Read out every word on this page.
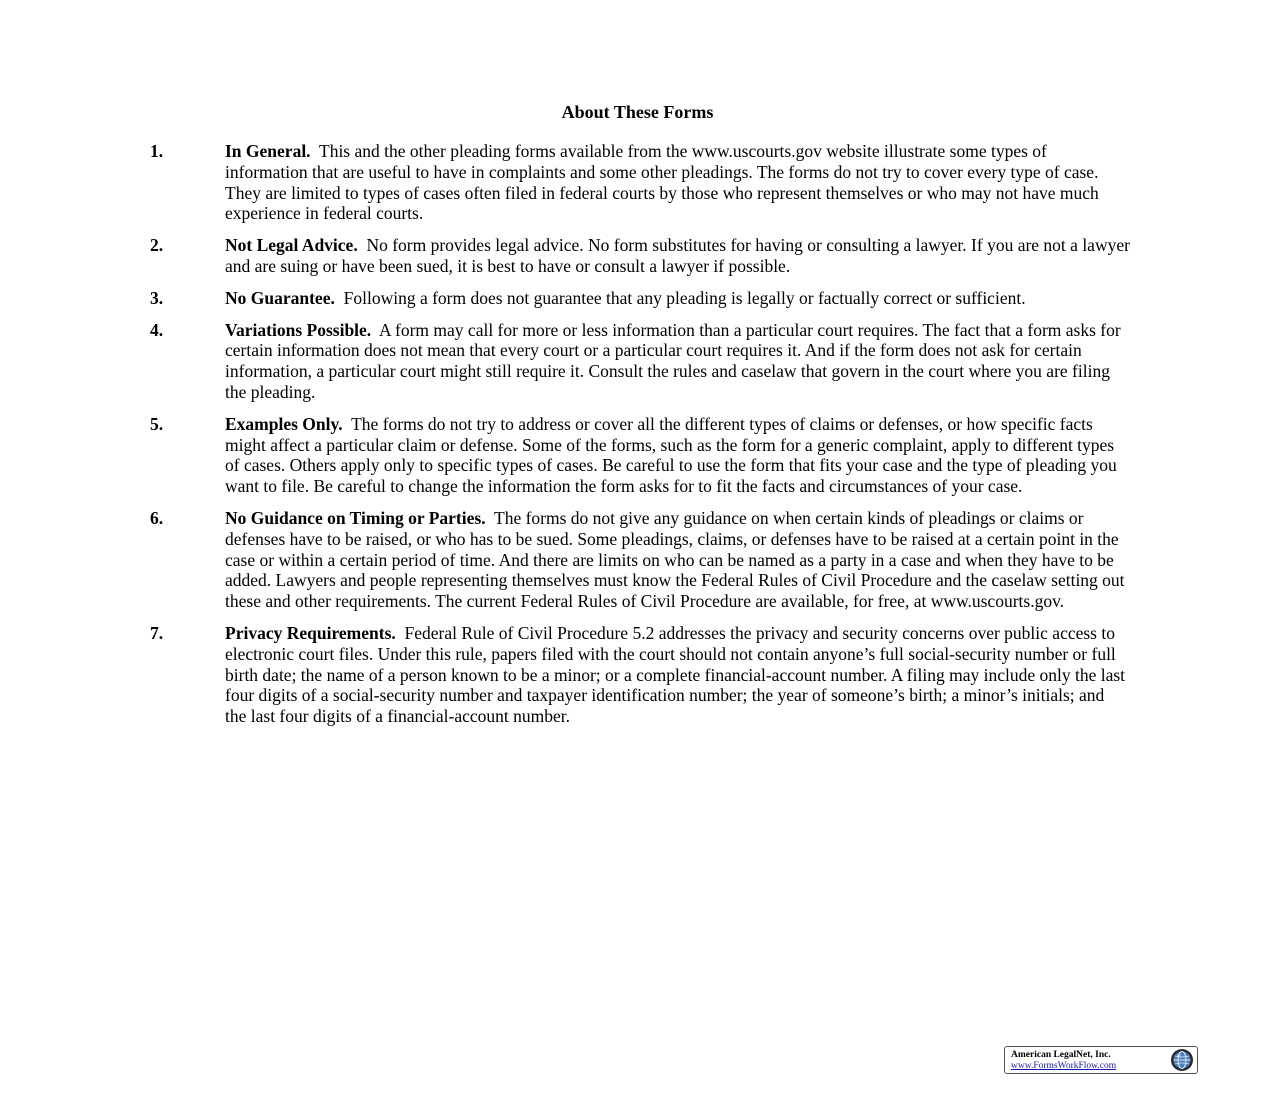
About These Forms
1.	In General. This and the other pleading forms available from the www.uscourts.gov website illustrate some types of information that are useful to have in complaints and some other pleadings. The forms do not try to cover every type of case. They are limited to types of cases often filed in federal courts by those who represent themselves or who may not have much experience in federal courts.
2.	Not Legal Advice. No form provides legal advice. No form substitutes for having or consulting a lawyer. If you are not a lawyer and are suing or have been sued, it is best to have or consult a lawyer if possible.
3.	No Guarantee. Following a form does not guarantee that any pleading is legally or factually correct or sufficient.
4.	Variations Possible. A form may call for more or less information than a particular court requires. The fact that a form asks for certain information does not mean that every court or a particular court requires it. And if the form does not ask for certain information, a particular court might still require it. Consult the rules and caselaw that govern in the court where you are filing the pleading.
5.	Examples Only. The forms do not try to address or cover all the different types of claims or defenses, or how specific facts might affect a particular claim or defense. Some of the forms, such as the form for a generic complaint, apply to different types of cases. Others apply only to specific types of cases. Be careful to use the form that fits your case and the type of pleading you want to file. Be careful to change the information the form asks for to fit the facts and circumstances of your case.
6.	No Guidance on Timing or Parties. The forms do not give any guidance on when certain kinds of pleadings or claims or defenses have to be raised, or who has to be sued. Some pleadings, claims, or defenses have to be raised at a certain point in the case or within a certain period of time. And there are limits on who can be named as a party in a case and when they have to be added. Lawyers and people representing themselves must know the Federal Rules of Civil Procedure and the caselaw setting out these and other requirements. The current Federal Rules of Civil Procedure are available, for free, at www.uscourts.gov.
7.	Privacy Requirements. Federal Rule of Civil Procedure 5.2 addresses the privacy and security concerns over public access to electronic court files. Under this rule, papers filed with the court should not contain anyone’s full social-security number or full birth date; the name of a person known to be a minor; or a complete financial-account number. A filing may include only the last four digits of a social-security number and taxpayer identification number; the year of someone’s birth; a minor’s initials; and the last four digits of a financial-account number.
American LegalNet, Inc.
www.FormsWorkFlow.com
